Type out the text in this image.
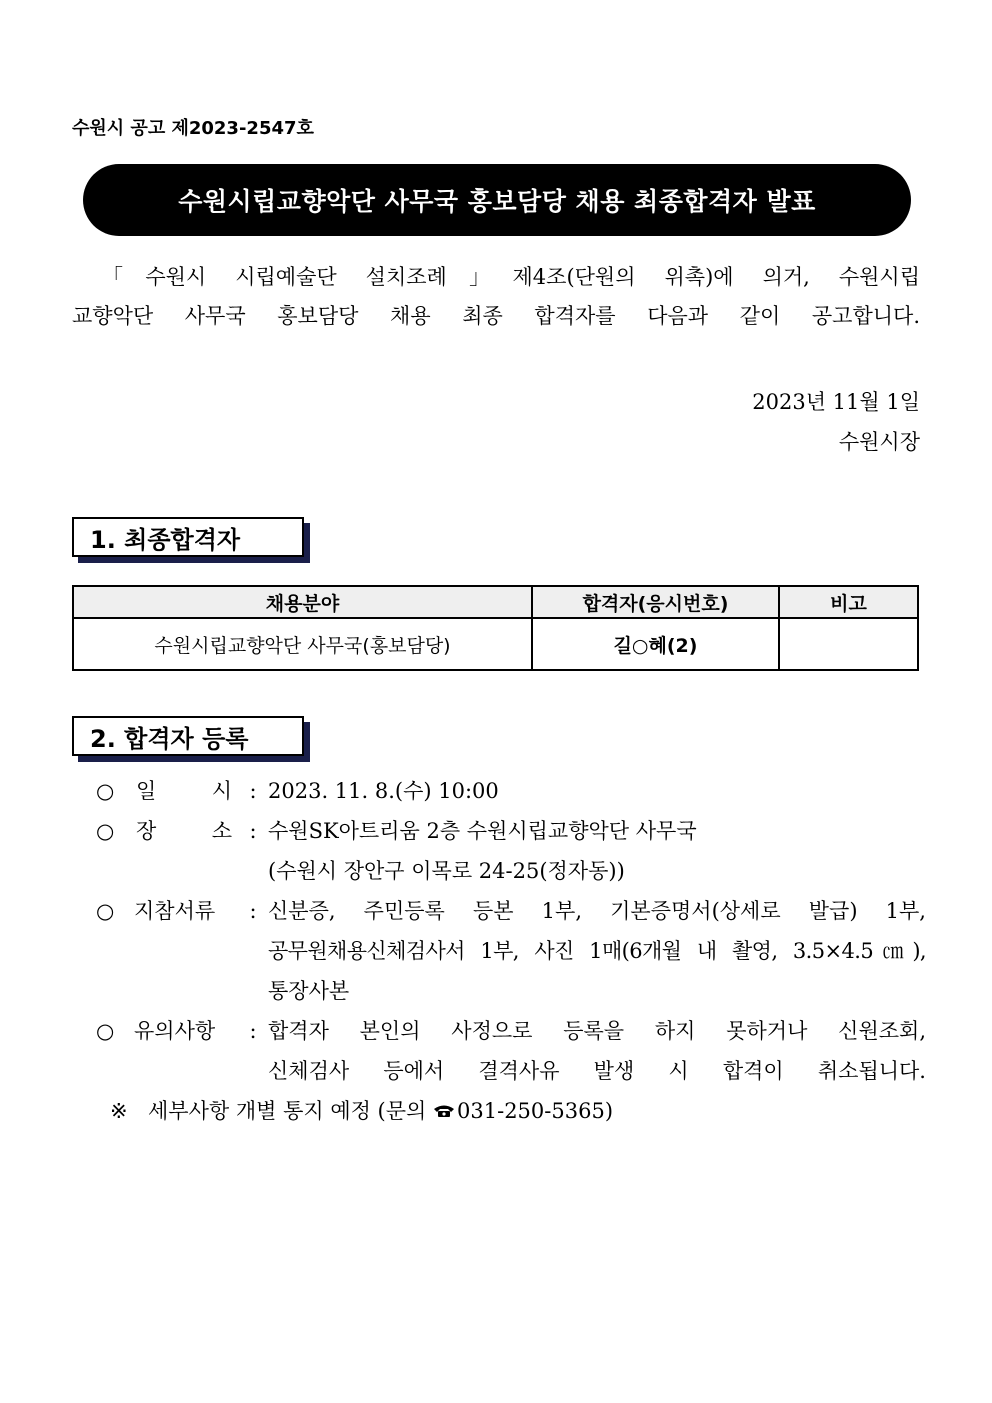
수원시 공고 제2023-2547호
수원시립교향악단 사무국 홍보담당 채용 최종합격자 발표
「수원시 시립예술단 설치조례」제4조(단원의 위촉)에 의거, 수원시립
교향악단 사무국 홍보담당 채용 최종 합격자를 다음과 같이 공고합니다.
2023년 11월 1일
수원시장
1. 최종합격자
채용분야	합격자(응시번호)	비고
수원시립교향악단 사무국(홍보담당)	길○혜(2)	
2. 합격자 등록
○	일	시 : 2023. 11. 8.(수) 10:00
○	장	소 : 수원SK아트리움 2층 수원시립교향악단 사무국
(수원시 장안구 이목로 24-25(정자동))
○ 지참서류	: 신분증, 주민등록 등본 1부, 기본증명서(상세로 발급) 1부,
공무원채용신체검사서 1부, 사진 1매(6개월 내 촬영, 3.5×4.5㎝),
통장사본
○ 유의사항	: 합격자 본인의 사정으로 등록을 하지 못하거나 신원조회,
신체검사 등에서 결격사유 발생 시 합격이 취소됩니다.
※ 세부사항 개별 통지 예정 (문의
031-250-5365)
